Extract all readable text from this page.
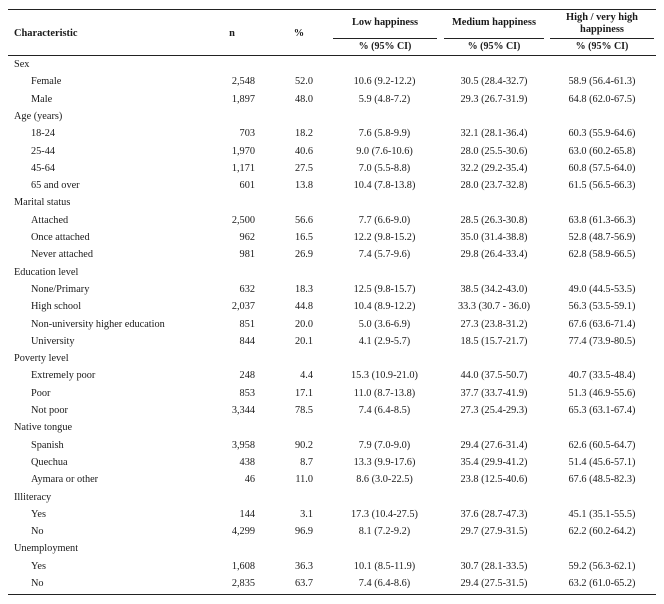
Characteristic	n	%
Low happiness	Medium happiness	High / very high
happiness
% (95% CI)	% (95% CI)	% (95% CI)
Sex
Female	2,548	52.0	10.6 (9.2-12.2)	30.5 (28.4-32.7)	58.9 (56.4-61.3)
Male	1,897	48.0	5.9 (4.8-7.2)	29.3 (26.7-31.9)	64.8 (62.0-67.5)
Age (years)
18-24	703	18.2	7.6 (5.8-9.9)	32.1 (28.1-36.4)	60.3 (55.9-64.6)
25-44	1,970	40.6	9.0 (7.6-10.6)	28.0 (25.5-30.6)	63.0 (60.2-65.8)
45-64	1,171	27.5	7.0 (5.5-8.8)	32.2 (29.2-35.4)	60.8 (57.5-64.0)
65 and over	601	13.8	10.4 (7.8-13.8)	28.0 (23.7-32.8)	61.5 (56.5-66.3)
Marital status
Attached	2,500	56.6	7.7 (6.6-9.0)	28.5 (26.3-30.8)	63.8 (61.3-66.3)
Once attached	962	16.5	12.2 (9.8-15.2)	35.0 (31.4-38.8)	52.8 (48.7-56.9)
Never attached	981	26.9	7.4 (5.7-9.6)	29.8 (26.4-33.4)	62.8 (58.9-66.5)
Education level
None/Primary	632	18.3	12.5 (9.8-15.7)	38.5 (34.2-43.0)	49.0 (44.5-53.5)
High school	2,037	44.8	10.4 (8.9-12.2)	33.3 (30.7 - 36.0)	56.3 (53.5-59.1)
Non-university higher education	851	20.0	5.0 (3.6-6.9)	27.3 (23.8-31.2)	67.6 (63.6-71.4)
University	844	20.1	4.1 (2.9-5.7)	18.5 (15.7-21.7)	77.4 (73.9-80.5)
Poverty level
Extremely poor	248	4.4	15.3 (10.9-21.0)	44.0 (37.5-50.7)	40.7 (33.5-48.4)
Poor	853	17.1	11.0 (8.7-13.8)	37.7 (33.7-41.9)	51.3 (46.9-55.6)
Not poor	3,344	78.5	7.4 (6.4-8.5)	27.3 (25.4-29.3)	65.3 (63.1-67.4)
Native tongue
Spanish	3,958	90.2	7.9 (7.0-9.0)	29.4 (27.6-31.4)	62.6 (60.5-64.7)
Quechua	438	8.7	13.3 (9.9-17.6)	35.4 (29.9-41.2)	51.4 (45.6-57.1)
Aymara or other	46	11.0	8.6 (3.0-22.5)	23.8 (12.5-40.6)	67.6 (48.5-82.3)
Illiteracy
Yes	144	3.1	17.3 (10.4-27.5)	37.6 (28.7-47.3)	45.1 (35.1-55.5)
No	4,299	96.9	8.1 (7.2-9.2)	29.7 (27.9-31.5)	62.2 (60.2-64.2)
Unemployment
Yes	1,608	36.3	10.1 (8.5-11.9)	30.7 (28.1-33.5)	59.2 (56.3-62.1)
No	2,835	63.7	7.4 (6.4-8.6)	29.4 (27.5-31.5)	63.2 (61.0-65.2)
